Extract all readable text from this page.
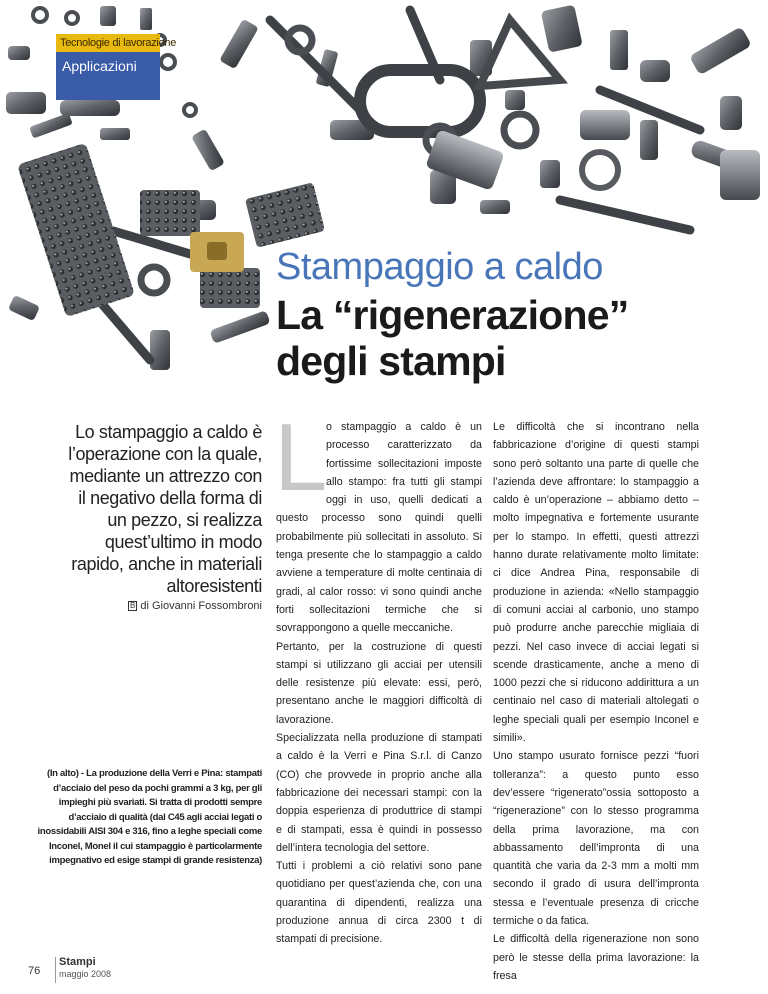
Tecnologie di lavorazione
Applicazioni
Stampaggio a caldo
La “rigenerazione”
degli stampi
Lo stampaggio a caldo è l’operazione con la quale, mediante un attrezzo con il negativo della forma di un pezzo, si realizza quest’ultimo in modo rapido, anche in materiali altoresistenti
B di Giovanni Fossombroni
(In alto) - La produzione della Verri e Pina: stampati d’acciaio del peso da pochi grammi a 3 kg, per gli impieghi più svariati. Si tratta di prodotti sempre d’acciaio di qualità (dal C45 agli acciai legati o inossidabili AISI 304 e 316, fino a leghe speciali come Inconel, Monel il cui stampaggio è particolarmente impegnativo ed esige stampi di grande resistenza)
L

o stampaggio a caldo è un processo caratterizzato da fortissime sollecitazioni imposte allo stampo: fra tutti gli stampi oggi in uso, quelli dedicati a questo processo sono quindi quelli probabilmente più sollecitati in assoluto. Si tenga presente che lo stampaggio a caldo avviene a temperature di molte centinaia di gradi, al calor rosso: vi sono quindi anche forti sollecitazioni termiche che si sovrappongono a quelle meccaniche.

Pertanto, per la costruzione di questi stampi si utilizzano gli acciai per utensili delle resistenze più elevate: essi, però, presentano anche le maggiori difficoltà di lavorazione.

Specializzata nella produzione di stampati a caldo è la Verri e Pina S.r.l. di Canzo (CO) che provvede in proprio anche alla fabbricazione dei necessari stampi: con la doppia esperienza di produttrice di stampi e di stampati, essa è quindi in possesso dell’intera tecnologia del settore.

Tutti i problemi a ciò relativi sono pane quotidiano per quest’azienda che, con una quarantina di dipendenti, realizza una produzione annua di circa 2300 t di stampati di precisione.

Le difficoltà che si incontrano nella fabbricazione d’origine di questi stampi sono però soltanto una parte di quelle che l’azienda deve affrontare: lo stampaggio a caldo è un’operazione – abbiamo detto – molto impegnativa e fortemente usurante per lo stampo. In effetti, questi attrezzi hanno durate relativamente molto limitate: ci dice Andrea Pina, responsabile di produzione in azienda: «Nello stampaggio di comuni acciai al carbonio, uno stampo può produrre anche parecchie migliaia di pezzi. Nel caso invece di acciai legati si scende drasticamente, anche a meno di 1000 pezzi che si riducono addirittura a un centinaio nel caso di materiali altolegati o leghe speciali quali per esempio Inconel e simili».

Uno stampo usurato fornisce pezzi “fuori tolleranza”: a questo punto esso dev’essere “rigenerato”ossia sottoposto a “rigenerazione” con lo stesso programma della prima lavorazione, ma con abbassamento dell’impronta di una quantità che varia da 2-3 mm a molti mm secondo il grado di usura dell’impronta stessa e l’eventuale presenza di cricche termiche o da fatica.

Le difficoltà della rigenerazione non sono però le stesse della prima lavorazione: la fresa

76
Stampi
maggio 2008
